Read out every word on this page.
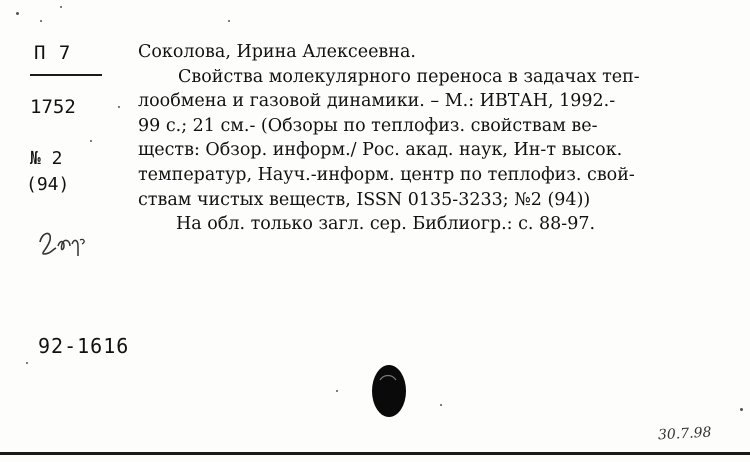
П 7
1752
№ 2
(94)
Соколова, Ирина Алексеевна.
Свойства молекулярного переноса в задачах теп-
лообмена и газовой динамики. – М.: ИВТАН, 1992.-
99 с.; 21 см.- (Обзоры по теплофиз. свойствам ве-
ществ: Обзор. информ./ Рос. акад. наук, Ин-т высок.
температур, Науч.-информ. центр по теплофиз. свой-
ствам чистых веществ, ISSN 0135-3233; №2 (94))
На обл. только загл. сер. Библиогр.: с. 88-97.
92-1616
30.7.98
